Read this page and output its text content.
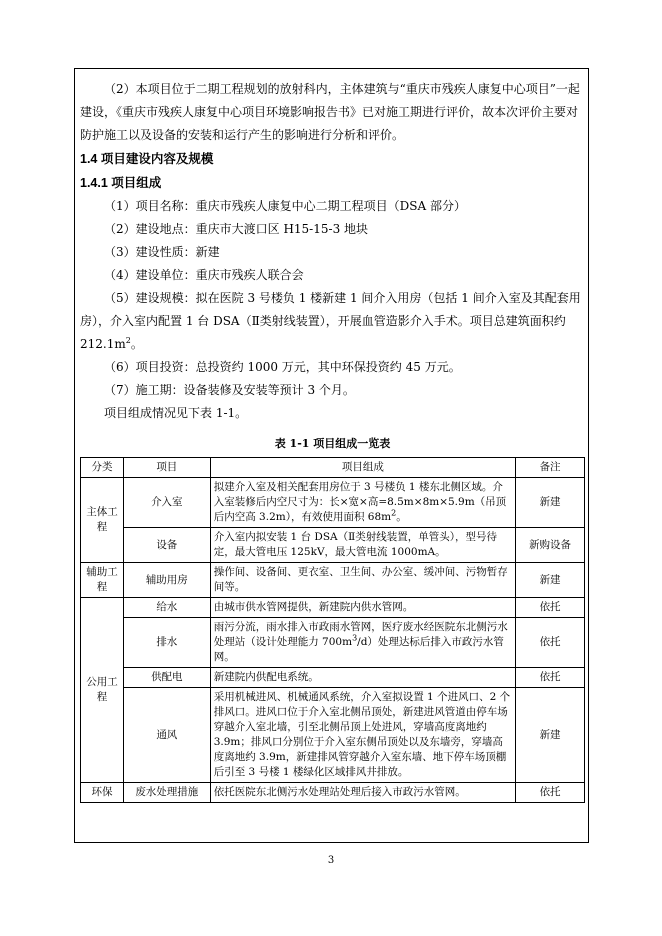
（2）本项目位于二期工程规划的放射科内，主体建筑与“重庆市残疾人康复中心项目”一起建设，《重庆市残疾人康复中心项目环境影响报告书》已对施工期进行评价，故本次评价主要对防护施工以及设备的安装和运行产生的影响进行分析和评价。

1.4 项目建设内容及规模

1.4.1 项目组成

（1）项目名称：重庆市残疾人康复中心二期工程项目（DSA 部分）

（2）建设地点：重庆市大渡口区 H15-15-3 地块

（3）建设性质：新建

（4）建设单位：重庆市残疾人联合会

（5）建设规模：拟在医院 3 号楼负 1 楼新建 1 间介入用房（包括 1 间介入室及其配套用房），介入室内配置 1 台 DSA（Ⅱ类射线装置），开展血管造影介入手术。项目总建筑面积约 $212.1m^2$。

（6）项目投资：总投资约 1000 万元，其中环保投资约 45 万元。

（7）施工期：设备装修及安装等预计 3 个月。

项目组成情况见下表 1-1。

表 1-1 项目组成一览表
分类	项目	项目组成	备注
主体工程	介入室	拟建介入室及相关配套用房位于 3 号楼负 1 楼东北侧区域。介入室装修后内空尺寸为：长×宽×高=8.5m×8m×5.9m（吊顶后内空高 3.2m），有效使用面积 $68m^2$。	新建
	设备	介入室内拟安装 1 台 DSA（Ⅱ类射线装置，单管头），型号待定，最大管电压 125kV，最大管电流 1000mA。	新购设备
辅助工程	辅助用房	操作间、设备间、更衣室、卫生间、办公室、缓冲间、污物暂存间等。	新建
公用工程	给水	由城市供水管网提供，新建院内供水管网。	依托
	排水	雨污分流，雨水排入市政雨水管网，医疗废水经医院东北侧污水处理站（设计处理能力 $700m^3/d$）处理达标后排入市政污水管网。	依托
	供配电	新建院内供配电系统。	依托
	通风	采用机械进风、机械通风系统，介入室拟设置 1 个进风口、2 个排风口。进风口位于介入室北侧吊顶处，新建进风管道由停车场穿越介入室北墙，引至北侧吊顶上处进风，穿墙高度离地约 3.9m；排风口分别位于介入室东侧吊顶处以及东墙旁，穿墙高度离地约 3.9m，新建排风管穿越介入室东墙、地下停车场顶棚后引至 3 号楼 1 楼绿化区域排风井排放。	新建
环保	废水处理措施	依托医院东北侧污水处理站处理后接入市政污水管网。	依托
3
